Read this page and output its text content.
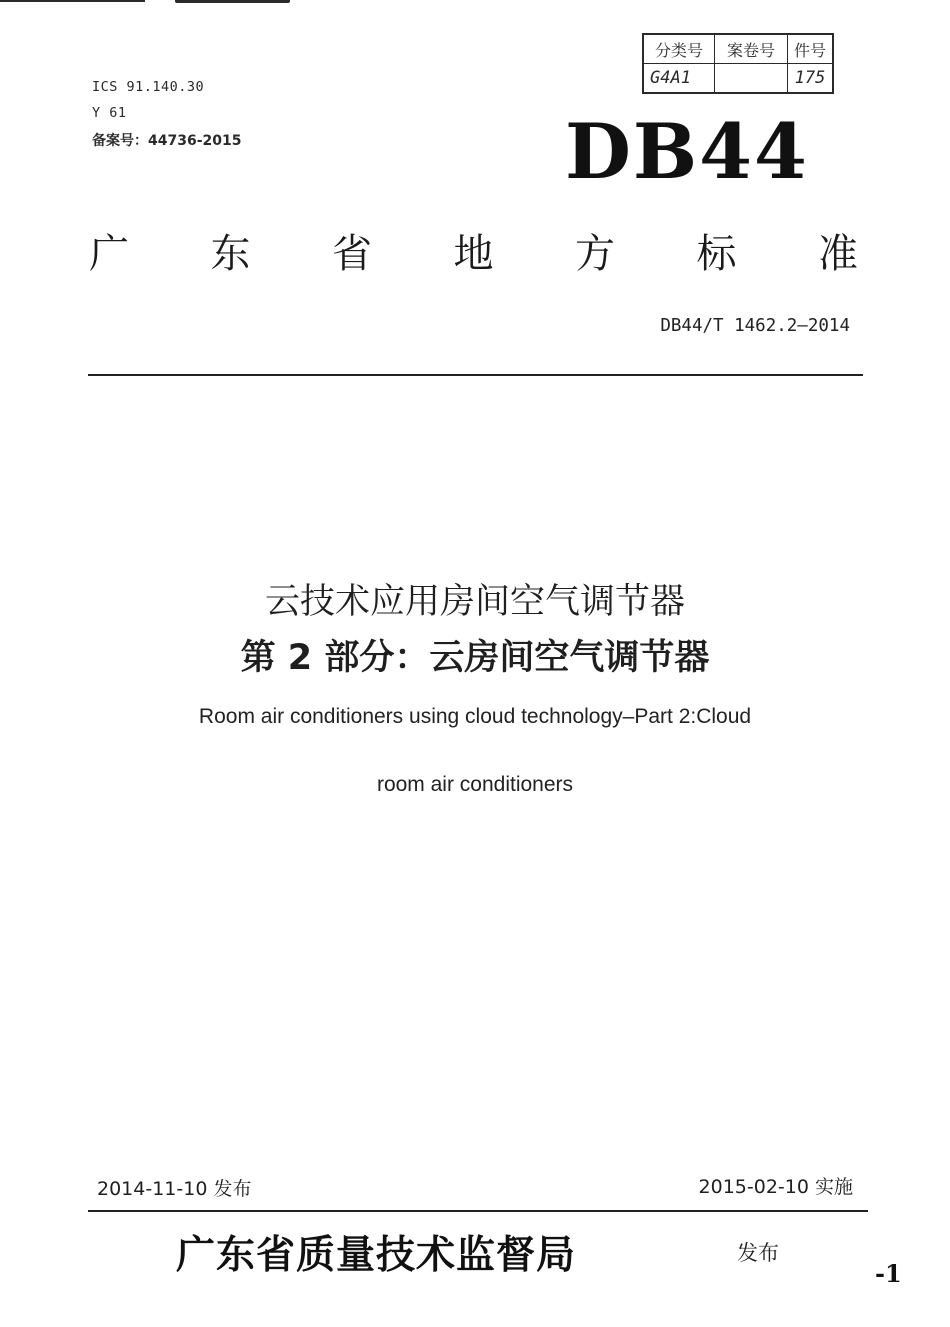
ICS 91.140.30
Y 61
备案号：44736-2015
分类号	案卷号	件号
G4A1		175
DB44
广 东 省 地 方 标 准
DB44/T 1462.2—2014
云技术应用房间空气调节器
第 2 部分：云房间空气调节器
Room air conditioners using cloud technology–Part 2:Cloud
room air conditioners
2014-11-10 发布	2015-02-10 实施
广东省质量技术监督局	发布
-1
